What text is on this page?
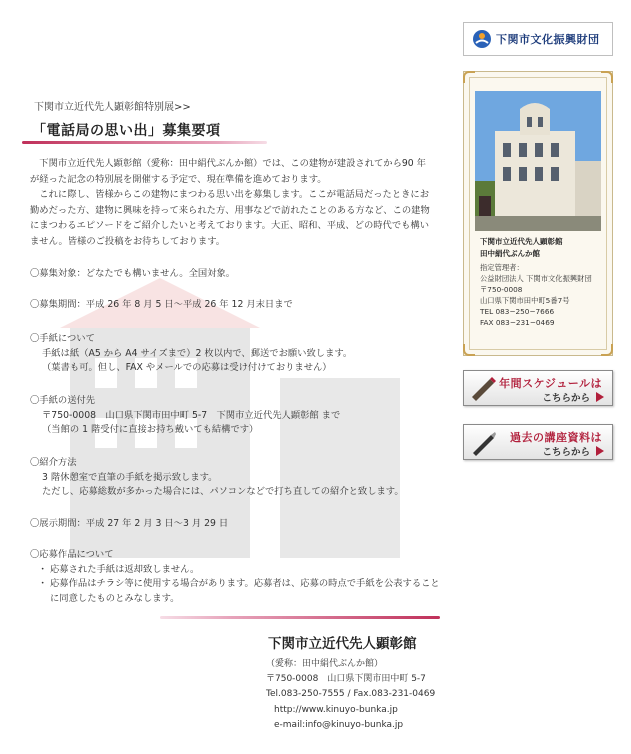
下関市立近代先人顕彰館特別展>>
「電話局の思い出」募集要項

下関市立近代先人顕彰館（愛称：田中絹代ぶんか館）では、この建物が建設されてから90 年が経った記念の特別展を開催する予定で、現在準備を進めております。

これに際し、皆様からこの建物にまつわる思い出を募集します。ここが電話局だったときにお勤めだった方、建物に興味を持って来られた方、用事などで訪れたことのある方など、この建物にまつわるエピソードをご紹介したいと考えております。大正、昭和、平成、どの時代でも構いません。皆様のご投稿をお待ちしております。

〇募集対象：どなたでも構いません。全国対象。
〇募集期間：平成 26 年 8 月 5 日〜平成 26 年 12 月末日まで
〇手紙について
手紙は紙（A5 から A4 サイズまで）2 枚以内で、郵送でお願い致します。
（葉書も可。但し、FAX やメールでの応募は受け付けておりません）
〇手紙の送付先
〒750-0008　山口県下関市田中町 5-7　下関市立近代先人顕彰館 まで
（当館の 1 階受付に直接お持ち戴いても結構です）
〇紹介方法
3 階休憩室で直筆の手紙を掲示致します。
ただし、応募総数が多かった場合には、パソコンなどで打ち直しての紹介と致します。
〇展示期間：平成 27 年 2 月 3 日〜3 月 29 日
〇応募作品について
・ 応募された手紙は返却致しません。
・ 応募作品はチラシ等に使用する場合があります。応募者は、応募の時点で手紙を公表することに同意したものとみなします。
下関市立近代先人顕彰館
（愛称：田中絹代ぶんか館）
〒750-0008　山口県下関市田中町 5-7
Tel.083-250-7555 / Fax.083-231-0469
http://www.kinuyo-bunka.jp
e-mail:info@kinuyo-bunka.jp
下関市文化振興財団
下関市立近代先人顕彰館
田中絹代ぶんか館
指定管理者：
公益財団法人 下関市文化振興財団
〒750-0008
山口県下関市田中町5番7号
TEL 083−250−7666
FAX 083−231−0469
年間スケジュールは
こちらから
過去の講座資料は
こちらから
